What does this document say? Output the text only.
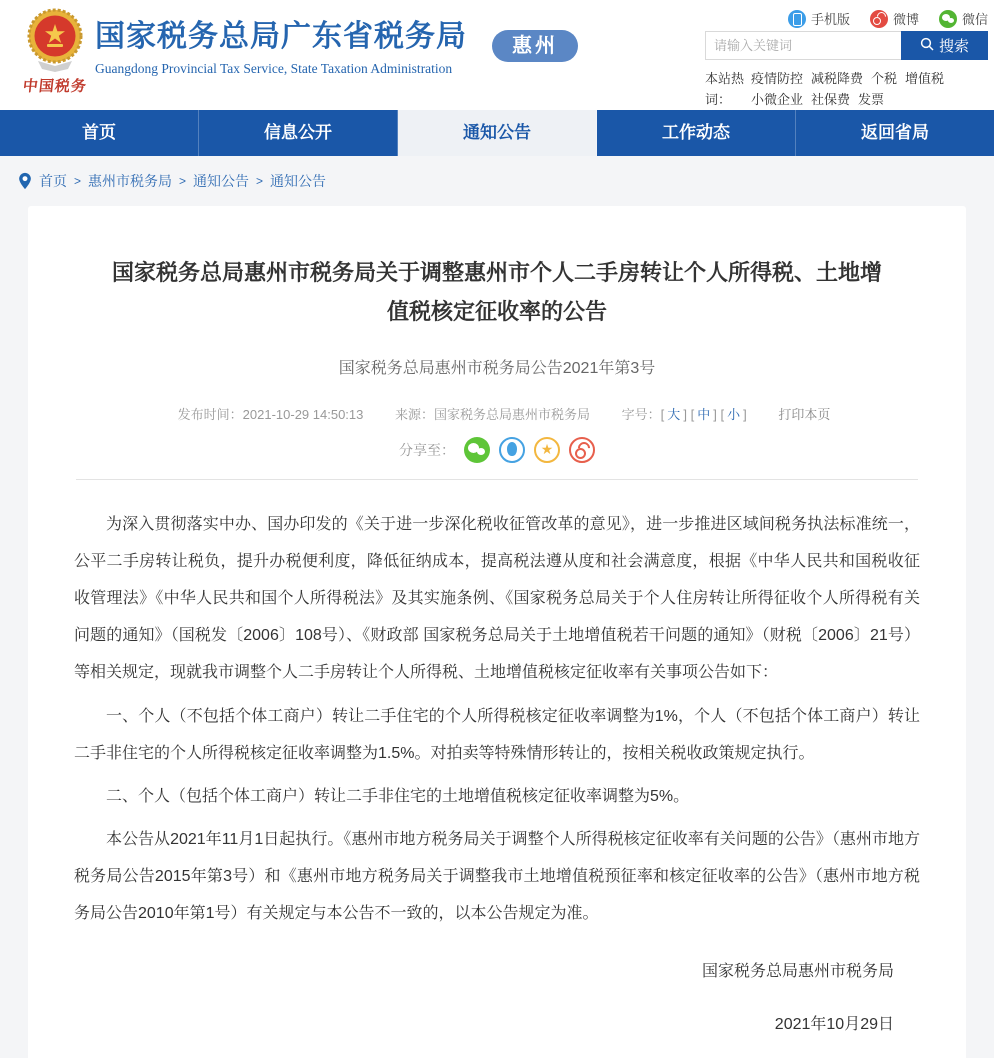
中国税务
国家税务总局广东省税务局
Guangdong Provincial Tax Service, State Taxation Administration
惠州
手机版	微博	微信
请输入关键词
搜索
本站热词：
疫情防控 减税降费 个税 增值税
小微企业 社保费 发票
首页	信息公开	通知公告	工作动态	返回省局
首页 > 惠州市税务局 > 通知公告 > 通知公告
国家税务总局惠州市税务局关于调整惠州市个人二手房转让个人所得税、土地增值税核定征收率的公告
国家税务总局惠州市税务局公告2021年第3号
发布时间：2021-10-29 14:50:13 来源：国家税务总局惠州市税务局 字号：[ 大 ] [ 中 ] [ 小 ] 打印本页
分享至：	★

为深入贯彻落实中办、国办印发的《关于进一步深化税收征管改革的意见》，进一步推进区域间税务执法标准统一，公平二手房转让税负，提升办税便利度，降低征纳成本，提高税法遵从度和社会满意度，根据《中华人民共和国税收征收管理法》《中华人民共和国个人所得税法》及其实施条例、《国家税务总局关于个人住房转让所得征收个人所得税有关问题的通知》（国税发〔2006〕108号）、《财政部 国家税务总局关于土地增值税若干问题的通知》（财税〔2006〕21号）等相关规定，现就我市调整个人二手房转让个人所得税、土地增值税核定征收率有关事项公告如下：

一、个人（不包括个体工商户）转让二手住宅的个人所得税核定征收率调整为1%，个人（不包括个体工商户）转让二手非住宅的个人所得税核定征收率调整为1.5%。对拍卖等特殊情形转让的，按相关税收政策规定执行。

二、个人（包括个体工商户）转让二手非住宅的土地增值税核定征收率调整为5%。

本公告从2021年11月1日起执行。《惠州市地方税务局关于调整个人所得税核定征收率有关问题的公告》（惠州市地方税务局公告2015年第3号）和《惠州市地方税务局关于调整我市土地增值税预征率和核定征收率的公告》（惠州市地方税务局公告2010年第1号）有关规定与本公告不一致的，以本公告规定为准。

国家税务总局惠州市税务局
2021年10月29日
